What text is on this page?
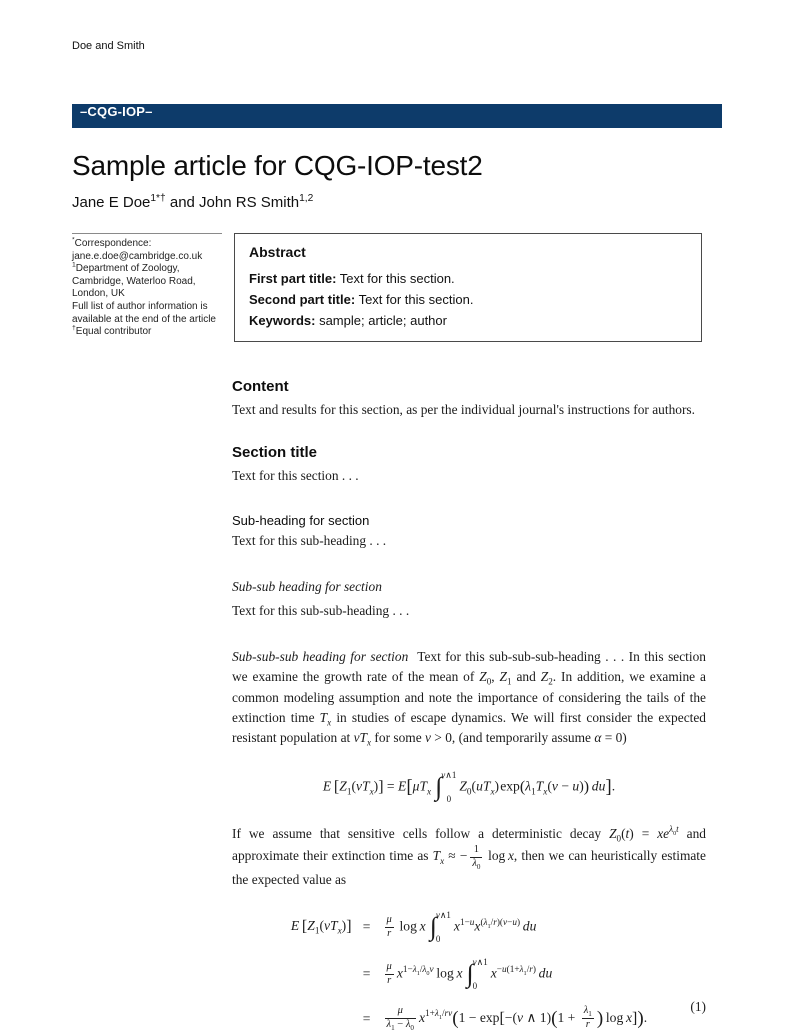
Doe and Smith
–CQG-IOP–
Sample article for CQG-IOP-test2
Jane E Doe$^{1*\dagger}$ and John RS Smith$^{1,2}$
*Correspondence:
jane.e.doe@cambridge.co.uk
$^1$Department of Zoology,
Cambridge, Waterloo Road,
London, UK
Full list of author information is
available at the end of the article
†Equal contributor
Abstract
First part title: Text for this section.
Second part title: Text for this section.
Keywords: sample; article; author
Content

Text and results for this section, as per the individual journal's instructions for authors.

Section title

Text for this section . . .

Sub-heading for section

Text for this sub-heading . . .

Sub-sub heading for section

Text for this sub-sub-heading . . .

Sub-sub-sub heading for section  Text for this sub-sub-sub-heading . . . In this section we examine the growth rate of the mean of $Z_0$, $Z_1$ and $Z_2$. In addition, we examine a common modeling assumption and note the importance of considering the tails of the extinction time $T_x$ in studies of escape dynamics. We will first consider the expected resistant population at $vT_x$ for some v > 0, (and temporarily assume α = 0)

E  $[Z_1(vT_x)] = E[\mu T_x$ ∫ v∧1
0
$Z_0(uT_x)$ $\exp(\lambda_1T_x(v - u))$  du].

If we assume that sensitive cells follow a deterministic decay $Z_0(t) = xe^{\lambda_0t}$ and approximate their extinction time as $T_x$ ≈ − $\frac{1}{\lambda_0}$  log x, then we can heuristically estimate the expected value as

E  $[Z_1(vT_x)]$ =	$\frac{\mu}{r}$  log x ∫ v∧1
0
$x^{1-u}x^{(\lambda_1/r)(v-u)}$  du
=	$\frac{\mu}{r} x^{1-\lambda_1/\lambda_0v}$ log x ∫ v∧1
0
$x^{-u(1+\lambda_1/r)}$  du
=	$\frac{\mu}{\lambda_1 - \lambda_0} x^{1+\lambda_1/rv}(1 - \exp[-(v$ ∧ $1)(1 + \frac{\lambda_1}{r}$ ) log x]).
(1)
